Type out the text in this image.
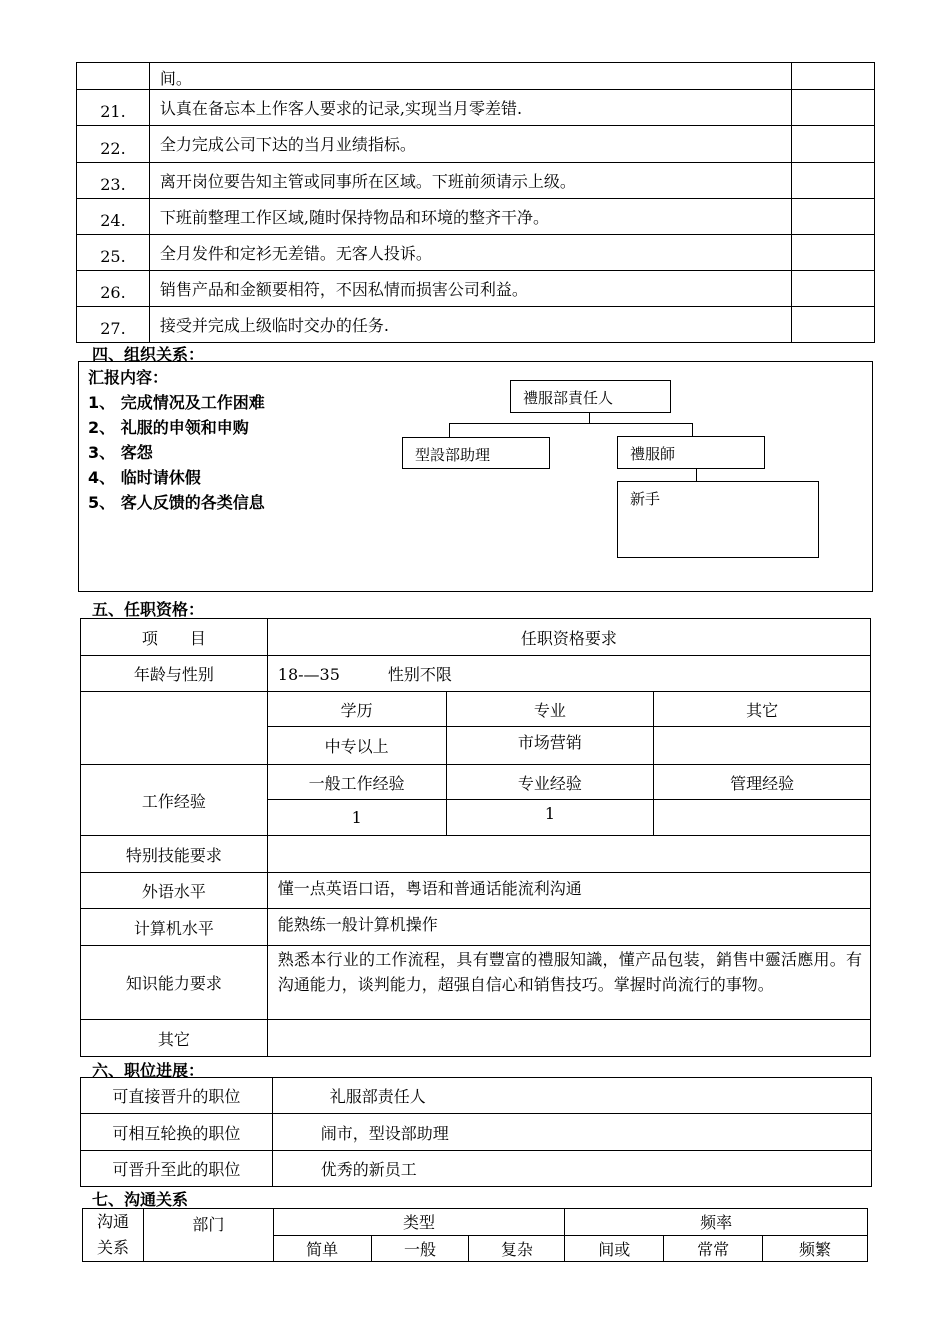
	间。	
21.	认真在备忘本上作客人要求的记录,实现当月零差错.	
22.	全力完成公司下达的当月业绩指标。	
23.	离开岗位要告知主管或同事所在区域。下班前须请示上级。	
24.	下班前整理工作区域,随时保持物品和环境的整齐干净。	
25.	全月发件和定衫无差错。无客人投诉。	
26.	销售产品和金额要相符，不因私情而损害公司利益。	
27.	接受并完成上级临时交办的任务.	
四、组织关系：
汇报内容：
1、 完成情况及工作困难
2、 礼服的申领和申购
3、 客怨
4、 临时请休假
5、 客人反馈的各类信息
禮服部責任人
型設部助理	禮服師
新手
五、任职资格：
项　　目	任职资格要求		
年龄与性别	18-—35　　　性别不限		
	学历	专业	其它
	中专以上	市场营销	
工作经验	一般工作经验	专业经验	管理经验
	1	1	
特别技能要求			
外语水平	懂一点英语口语，粤语和普通话能流利沟通		
计算机水平	能熟练一般计算机操作		
知识能力要求	熟悉本行业的工作流程，具有豐富的禮服知識，懂产品包装，銷售中靈活應用。有沟通能力，谈判能力，超强自信心和销售技巧。掌握时尚流行的事物。		
其它			
六、职位进展：
可直接晋升的职位	礼服部责任人
可相互轮换的职位	闹市，型设部助理
可晋升至此的职位	优秀的新员工
七、沟通关系
沟通
关系	部门	类型			频率		
		简单	一般	复杂	间或	常常	频繁
